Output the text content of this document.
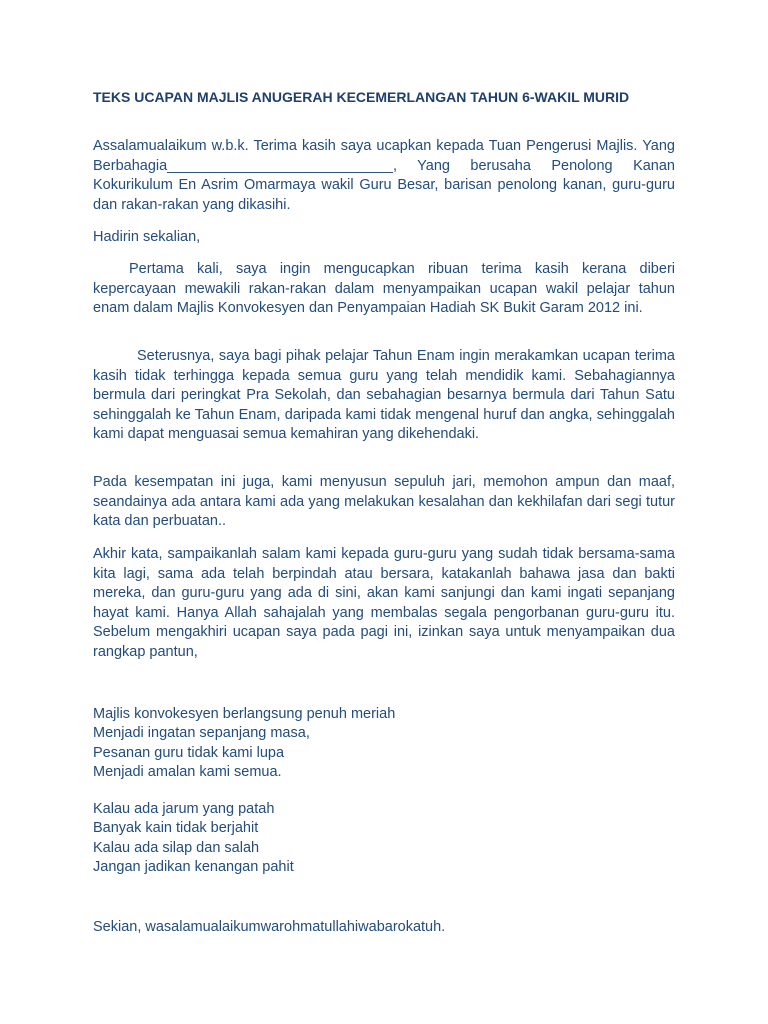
TEKS UCAPAN MAJLIS ANUGERAH KECEMERLANGAN TAHUN 6-WAKIL MURID

Assalamualaikum w.b.k. Terima kasih saya ucapkan kepada Tuan Pengerusi Majlis. Yang Berbahagia____________________________, Yang berusaha Penolong Kanan Kokurikulum En Asrim Omarmaya wakil Guru Besar, barisan penolong kanan, guru-guru dan rakan-rakan yang dikasihi.

Hadirin sekalian,

Pertama kali, saya ingin mengucapkan ribuan terima kasih kerana diberi kepercayaan mewakili rakan-rakan dalam menyampaikan ucapan wakil pelajar tahun enam dalam Majlis Konvokesyen dan Penyampaian Hadiah SK Bukit Garam 2012 ini.

Seterusnya, saya bagi pihak pelajar Tahun Enam ingin merakamkan ucapan terima kasih tidak terhingga kepada semua guru yang telah mendidik kami. Sebahagiannya bermula dari peringkat Pra Sekolah, dan sebahagian besarnya bermula dari Tahun Satu sehinggalah ke Tahun Enam, daripada kami tidak mengenal huruf dan angka, sehinggalah kami dapat menguasai semua kemahiran yang dikehendaki.

Pada kesempatan ini juga, kami menyusun sepuluh jari, memohon ampun dan maaf, seandainya ada antara kami ada yang melakukan kesalahan dan kekhilafan dari segi tutur kata dan perbuatan..

Akhir kata, sampaikanlah salam kami kepada guru-guru yang sudah tidak bersama-sama kita lagi, sama ada telah berpindah atau bersara, katakanlah bahawa jasa dan bakti mereka, dan guru-guru yang ada di sini, akan kami sanjungi dan kami ingati sepanjang hayat kami. Hanya Allah sahajalah yang membalas segala pengorbanan guru-guru itu. Sebelum mengakhiri ucapan saya pada pagi ini, izinkan saya untuk menyampaikan dua rangkap pantun,

Majlis konvokesyen berlangsung penuh meriah
Menjadi ingatan sepanjang masa,
Pesanan guru tidak kami lupa
Menjadi amalan kami semua.
Kalau ada jarum yang patah
Banyak kain tidak berjahit
Kalau ada silap dan salah
Jangan jadikan kenangan pahit

Sekian, wasalamualaikumwarohmatullahiwabarokatuh.
